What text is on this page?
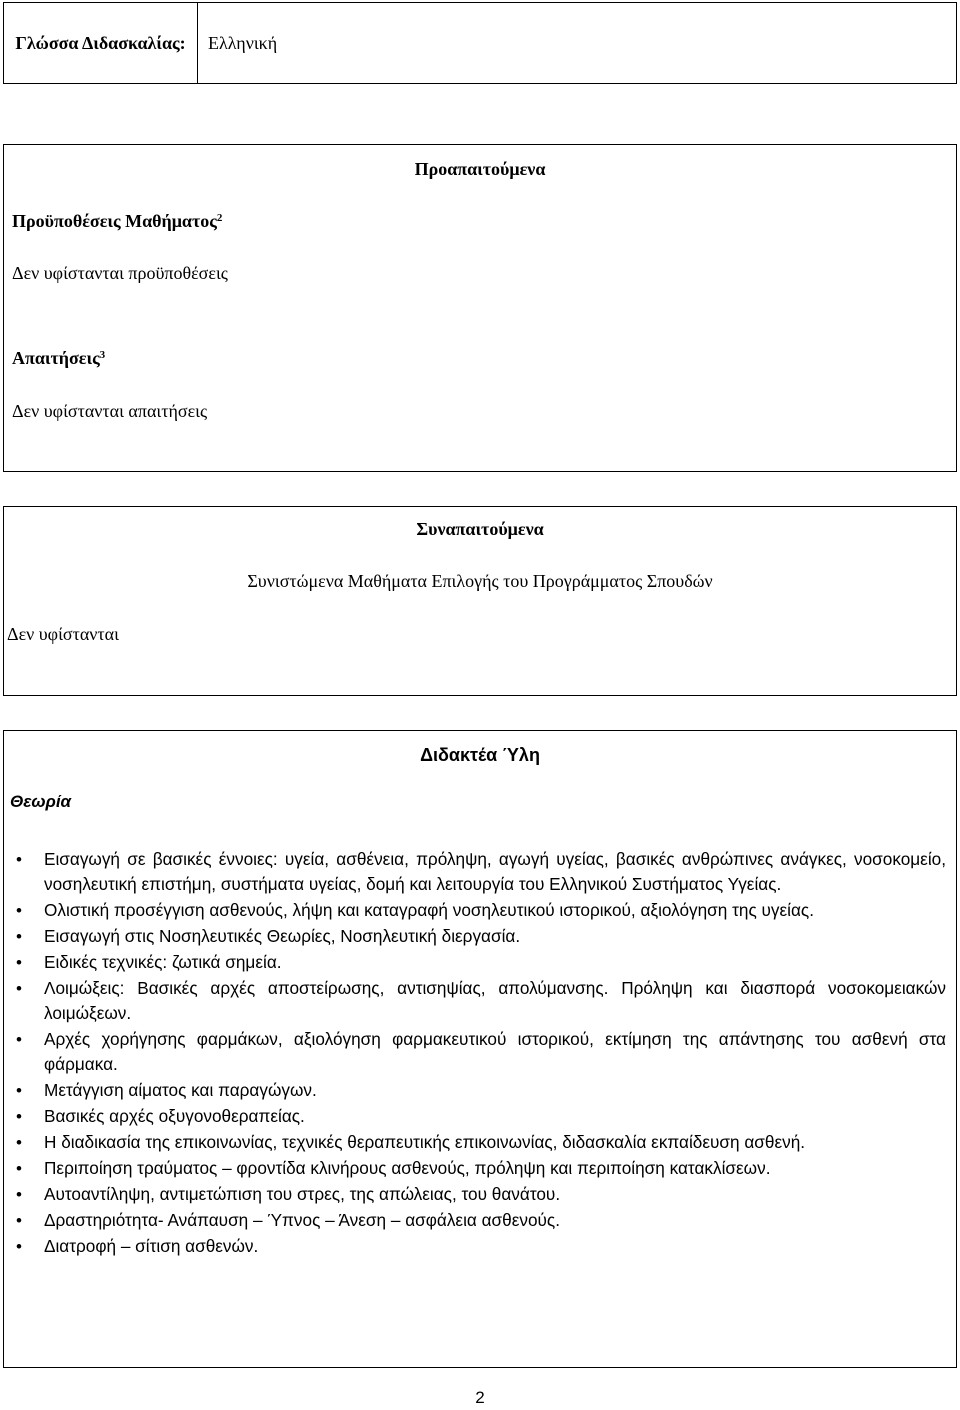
Γλώσσα Διδασκαλίας:	Ελληνική
Προαπαιτούμενα
Προϋποθέσεις Μαθήματος$^2$
Δεν υφίστανται προϋποθέσεις
Απαιτήσεις$^3$
Δεν υφίστανται απαιτήσεις
Συναπαιτούμενα
Συνιστώμενα Μαθήματα Επιλογής του Προγράμματος Σπουδών
Δεν υφίστανται
Διδακτέα Ύλη
Θεωρία
• Εισαγωγή σε βασικές έννοιες: υγεία, ασθένεια, πρόληψη, αγωγή υγείας, βασικές ανθρώπινες ανάγκες, νοσοκομείο, νοσηλευτική επιστήμη, συστήματα υγείας, δομή και λειτουργία του Ελληνικού Συστήματος Υγείας.
• Ολιστική προσέγγιση ασθενούς, λήψη και καταγραφή νοσηλευτικού ιστορικού, αξιολόγηση της υγείας.
• Εισαγωγή στις Νοσηλευτικές Θεωρίες, Νοσηλευτική διεργασία.
• Ειδικές τεχνικές: ζωτικά σημεία.
• Λοιμώξεις: Βασικές αρχές αποστείρωσης, αντισηψίας, απολύμανσης. Πρόληψη και διασπορά νοσοκομειακών λοιμώξεων.
• Αρχές χορήγησης φαρμάκων, αξιολόγηση φαρμακευτικού ιστορικού, εκτίμηση της απάντησης του ασθενή στα φάρμακα.
• Μετάγγιση αίματος και παραγώγων.
• Βασικές αρχές οξυγονοθεραπείας.
• Η διαδικασία της επικοινωνίας, τεχνικές θεραπευτικής επικοινωνίας, διδασκαλία εκπαίδευση ασθενή.
• Περιποίηση τραύματος – φροντίδα κλινήρους ασθενούς, πρόληψη και περιποίηση κατακλίσεων.
• Αυτοαντίληψη, αντιμετώπιση του στρες, της απώλειας, του θανάτου.
• Δραστηριότητα- Ανάπαυση – Ύπνος – Άνεση – ασφάλεια ασθενούς.
• Διατροφή – σίτιση ασθενών.
2
